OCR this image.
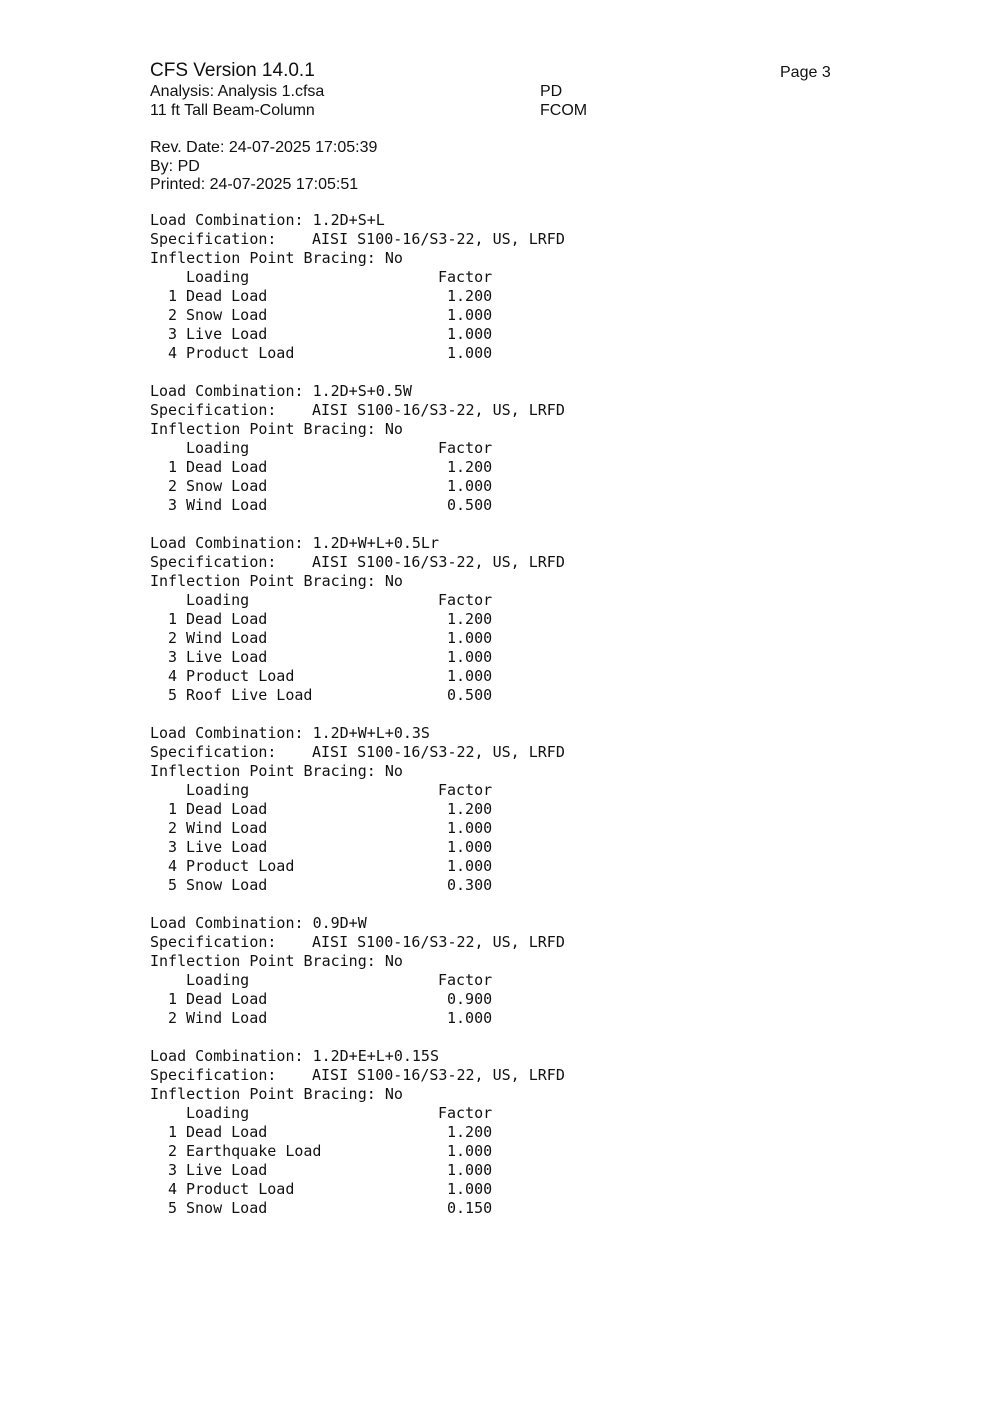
CFS Version 14.0.1	Page 3
Analysis: Analysis 1.cfsa	PD
11 ft Tall Beam-Column	FCOM
Rev. Date: 24-07-2025 17:05:39
By: PD
Printed: 24-07-2025 17:05:51
Load Combination:
1.2D+S+L
Specification:	AISI S100-16/S3-22, US, LRFD
Inflection Point Bracing:
No
Loading	Factor
1 Dead Load	1.200
2 Snow Load	1.000
3 Live Load	1.000
4 Product Load	1.000
Load Combination:
1.2D+S+0.5W
Specification:	AISI S100-16/S3-22, US, LRFD
Inflection Point Bracing:
No
Loading	Factor
1 Dead Load	1.200
2 Snow Load	1.000
3 Wind Load	0.500
Load Combination:
1.2D+W+L+0.5Lr
Specification:	AISI S100-16/S3-22, US, LRFD
Inflection Point Bracing:
No
Loading	Factor
1 Dead Load	1.200
2 Wind Load	1.000
3 Live Load	1.000
4 Product Load	1.000
5 Roof Live Load	0.500
Load Combination:
1.2D+W+L+0.3S
Specification:	AISI S100-16/S3-22, US, LRFD
Inflection Point Bracing:
No
Loading	Factor
1 Dead Load	1.200
2 Wind Load	1.000
3 Live Load	1.000
4 Product Load	1.000
5 Snow Load	0.300
Load Combination:
0.9D+W
Specification:	AISI S100-16/S3-22, US, LRFD
Inflection Point Bracing:
No
Loading	Factor
1 Dead Load	0.900
2 Wind Load	1.000
Load Combination:
1.2D+E+L+0.15S
Specification:	AISI S100-16/S3-22, US, LRFD
Inflection Point Bracing:
No
Loading	Factor
1 Dead Load	1.200
2 Earthquake Load	1.000
3 Live Load	1.000
4 Product Load	1.000
5 Snow Load	0.150
